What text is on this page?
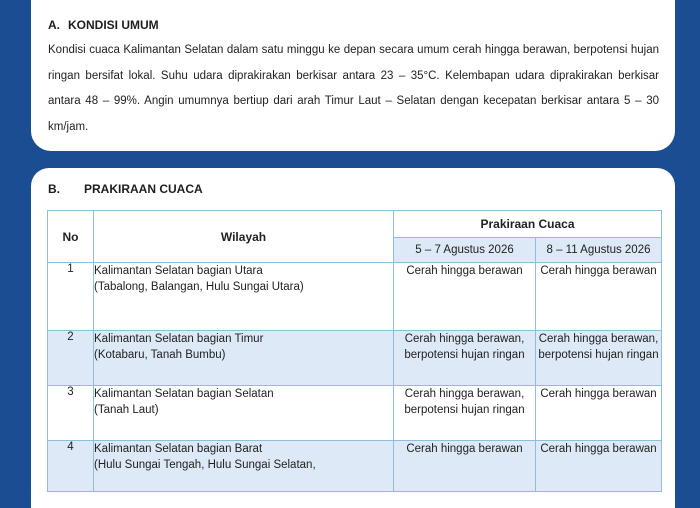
A. KONDISI UMUM
Kondisi cuaca Kalimantan Selatan dalam satu minggu ke depan secara umum cerah hingga berawan, berpotensi hujan ringan bersifat lokal. Suhu udara diprakirakan berkisar antara 23 – 35°C. Kelembapan udara diprakirakan berkisar antara 48 – 99%. Angin umumnya bertiup dari arah Timur Laut – Selatan dengan kecepatan berkisar antara 5 – 30 km/jam.
B. PRAKIRAAN CUACA
No	Wilayah	Prakiraan Cuaca	
		5 – 7 Agustus 2026	8 – 11 Agustus 2026
1	Kalimantan Selatan bagian Utara
(Tabalong, Balangan, Hulu Sungai Utara)	Cerah hingga berawan	Cerah hingga berawan
2	Kalimantan Selatan bagian Timur
(Kotabaru, Tanah Bumbu)	Cerah hingga berawan, berpotensi hujan ringan	Cerah hingga berawan, berpotensi hujan ringan
3	Kalimantan Selatan bagian Selatan
(Tanah Laut)	Cerah hingga berawan, berpotensi hujan ringan	Cerah hingga berawan
4	Kalimantan Selatan bagian Barat
(Hulu Sungai Tengah, Hulu Sungai Selatan,	Cerah hingga berawan	Cerah hingga berawan
